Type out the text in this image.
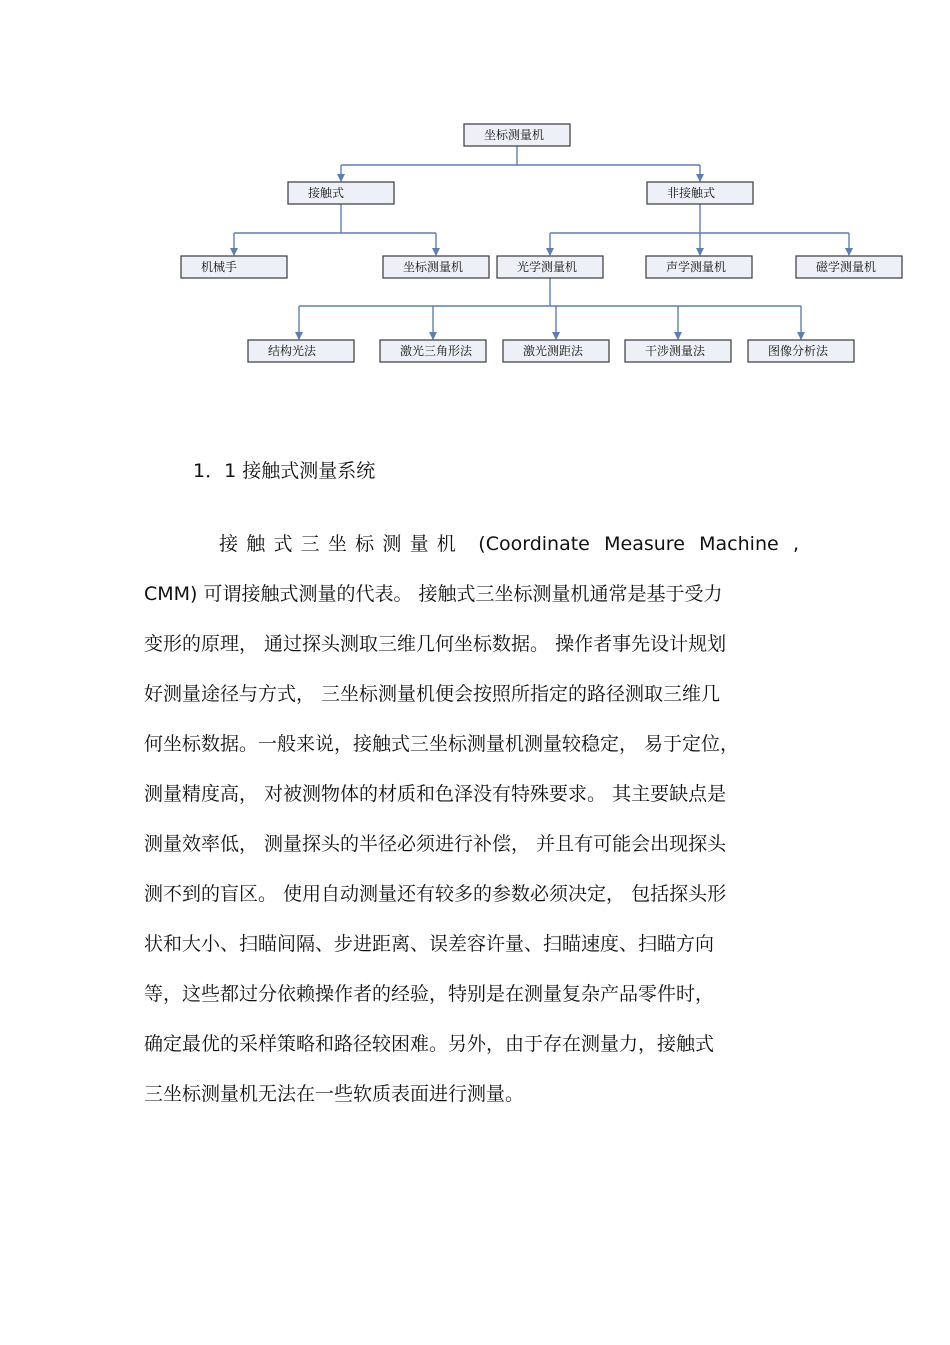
坐标测量机
接触式	非接触式
机械手	坐标测量机	光学测量机	声学测量机	磁学测量机
结构光法	激光三角形法	激光测距法	干涉测量法	图像分析法
1．1 接触式测量系统
接触式三坐标测量机 (Coordinate Measure Machine ,
CMM) 可谓接触式测量的代表。 接触式三坐标测量机通常是基于受力
变形的原理， 通过探头测取三维几何坐标数据。 操作者事先设计规划
好测量途径与方式， 三坐标测量机便会按照所指定的路径测取三维几
何坐标数据。一般来说，接触式三坐标测量机测量较稳定， 易于定位，
测量精度高， 对被测物体的材质和色泽没有特殊要求。 其主要缺点是
测量效率低， 测量探头的半径必须进行补偿， 并且有可能会出现探头
测不到的盲区。 使用自动测量还有较多的参数必须决定， 包括探头形
状和大小、扫瞄间隔、步进距离、误差容许量、扫瞄速度、扫瞄方向
等，这些都过分依赖操作者的经验，特别是在测量复杂产品零件时，
确定最优的采样策略和路径较困难。另外，由于存在测量力，接触式
三坐标测量机无法在一些软质表面进行测量。
